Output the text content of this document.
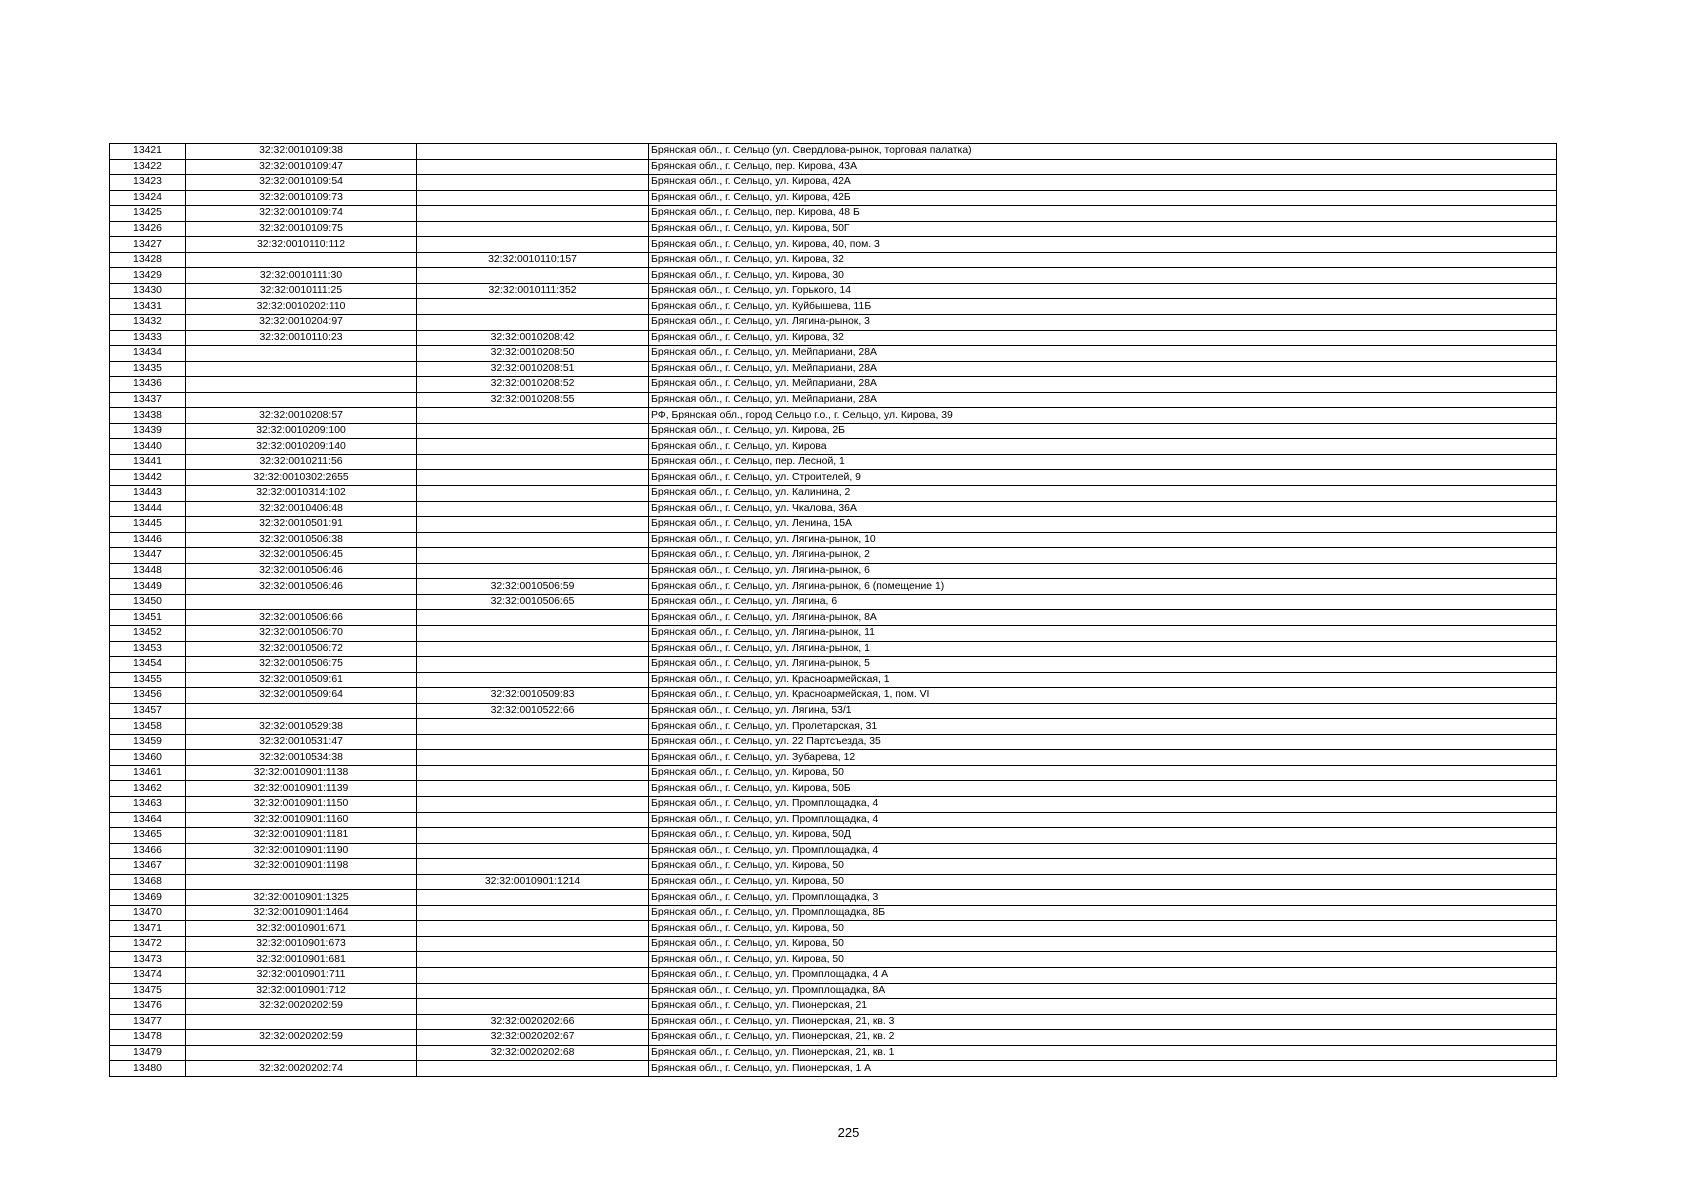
13421	32:32:0010109:38		Брянская обл., г. Сельцо (ул. Свердлова-рынок, торговая палатка)
13422	32:32:0010109:47		Брянская обл., г. Сельцо, пер. Кирова, 43А
13423	32:32:0010109:54		Брянская обл., г. Сельцо, ул. Кирова, 42А
13424	32:32:0010109:73		Брянская обл., г. Сельцо, ул. Кирова, 42Б
13425	32:32:0010109:74		Брянская обл., г. Сельцо, пер. Кирова, 48 Б
13426	32:32:0010109:75		Брянская обл., г. Сельцо, ул. Кирова, 50Г
13427	32:32:0010110:112		Брянская обл., г. Сельцо, ул. Кирова, 40, пом. 3
13428		32:32:0010110:157	Брянская обл., г. Сельцо, ул. Кирова, 32
13429	32:32:0010111:30		Брянская обл., г. Сельцо, ул. Кирова, 30
13430	32:32:0010111:25	32:32:0010111:352	Брянская обл., г. Сельцо, ул. Горького, 14
13431	32:32:0010202:110		Брянская обл., г. Сельцо, ул. Куйбышева, 11Б
13432	32:32:0010204:97		Брянская обл., г. Сельцо, ул. Лягина-рынок, 3
13433	32:32:0010110:23	32:32:0010208:42	Брянская обл., г. Сельцо, ул. Кирова, 32
13434		32:32:0010208:50	Брянская обл., г. Сельцо, ул. Мейпариани, 28А
13435		32:32:0010208:51	Брянская обл., г. Сельцо, ул. Мейпариани, 28А
13436		32:32:0010208:52	Брянская обл., г. Сельцо, ул. Мейпариани, 28А
13437		32:32:0010208:55	Брянская обл., г. Сельцо, ул. Мейпариани, 28А
13438	32:32:0010208:57		РФ, Брянская обл., город Сельцо г.о., г. Сельцо, ул. Кирова, 39
13439	32:32:0010209:100		Брянская обл., г. Сельцо, ул. Кирова, 2Б
13440	32:32:0010209:140		Брянская обл., г. Сельцо, ул. Кирова
13441	32:32:0010211:56		Брянская обл., г. Сельцо, пер. Лесной, 1
13442	32:32:0010302:2655		Брянская обл., г. Сельцо, ул. Строителей, 9
13443	32:32:0010314:102		Брянская обл., г. Сельцо, ул. Калинина, 2
13444	32:32:0010406:48		Брянская обл., г. Сельцо, ул. Чкалова, 36А
13445	32:32:0010501:91		Брянская обл., г. Сельцо, ул. Ленина, 15А
13446	32:32:0010506:38		Брянская обл., г. Сельцо, ул. Лягина-рынок, 10
13447	32:32:0010506:45		Брянская обл., г. Сельцо, ул. Лягина-рынок, 2
13448	32:32:0010506:46		Брянская обл., г. Сельцо, ул. Лягина-рынок, 6
13449	32:32:0010506:46	32:32:0010506:59	Брянская обл., г. Сельцо, ул. Лягина-рынок, 6 (помещение 1)
13450		32:32:0010506:65	Брянская обл., г. Сельцо, ул. Лягина, 6
13451	32:32:0010506:66		Брянская обл., г. Сельцо, ул. Лягина-рынок, 8А
13452	32:32:0010506:70		Брянская обл., г. Сельцо, ул. Лягина-рынок, 11
13453	32:32:0010506:72		Брянская обл., г. Сельцо, ул. Лягина-рынок, 1
13454	32:32:0010506:75		Брянская обл., г. Сельцо, ул. Лягина-рынок, 5
13455	32:32:0010509:61		Брянская обл., г. Сельцо, ул. Красноармейская, 1
13456	32:32:0010509:64	32:32:0010509:83	Брянская обл., г. Сельцо, ул. Красноармейская, 1, пом. VI
13457		32:32:0010522:66	Брянская обл., г. Сельцо, ул. Лягина, 53/1
13458	32:32:0010529:38		Брянская обл., г. Сельцо, ул. Пролетарская, 31
13459	32:32:0010531:47		Брянская обл., г. Сельцо, ул. 22 Партсъезда, 35
13460	32:32:0010534:38		Брянская обл., г. Сельцо, ул. Зубарева, 12
13461	32:32:0010901:1138		Брянская обл., г. Сельцо, ул. Кирова, 50
13462	32:32:0010901:1139		Брянская обл., г. Сельцо, ул. Кирова, 50Б
13463	32:32:0010901:1150		Брянская обл., г. Сельцо, ул. Промплощадка, 4
13464	32:32:0010901:1160		Брянская обл., г. Сельцо, ул. Промплощадка, 4
13465	32:32:0010901:1181		Брянская обл., г. Сельцо, ул. Кирова, 50Д
13466	32:32:0010901:1190		Брянская обл., г. Сельцо, ул. Промплощадка, 4
13467	32:32:0010901:1198		Брянская обл., г. Сельцо, ул. Кирова, 50
13468		32:32:0010901:1214	Брянская обл., г. Сельцо, ул. Кирова, 50
13469	32:32:0010901:1325		Брянская обл., г. Сельцо, ул. Промплощадка, 3
13470	32:32:0010901:1464		Брянская обл., г. Сельцо, ул. Промплощадка, 8Б
13471	32:32:0010901:671		Брянская обл., г. Сельцо, ул. Кирова, 50
13472	32:32:0010901:673		Брянская обл., г. Сельцо, ул. Кирова, 50
13473	32:32:0010901:681		Брянская обл., г. Сельцо, ул. Кирова, 50
13474	32:32:0010901:711		Брянская обл., г. Сельцо, ул. Промплощадка, 4 А
13475	32:32:0010901:712		Брянская обл., г. Сельцо, ул. Промплощадка, 8А
13476	32:32:0020202:59		Брянская обл., г. Сельцо, ул. Пионерская, 21
13477		32:32:0020202:66	Брянская обл., г. Сельцо, ул. Пионерская, 21, кв. 3
13478	32:32:0020202:59	32:32:0020202:67	Брянская обл., г. Сельцо, ул. Пионерская, 21, кв. 2
13479		32:32:0020202:68	Брянская обл., г. Сельцо, ул. Пионерская, 21, кв. 1
13480	32:32:0020202:74		Брянская обл., г. Сельцо, ул. Пионерская, 1 А
225
